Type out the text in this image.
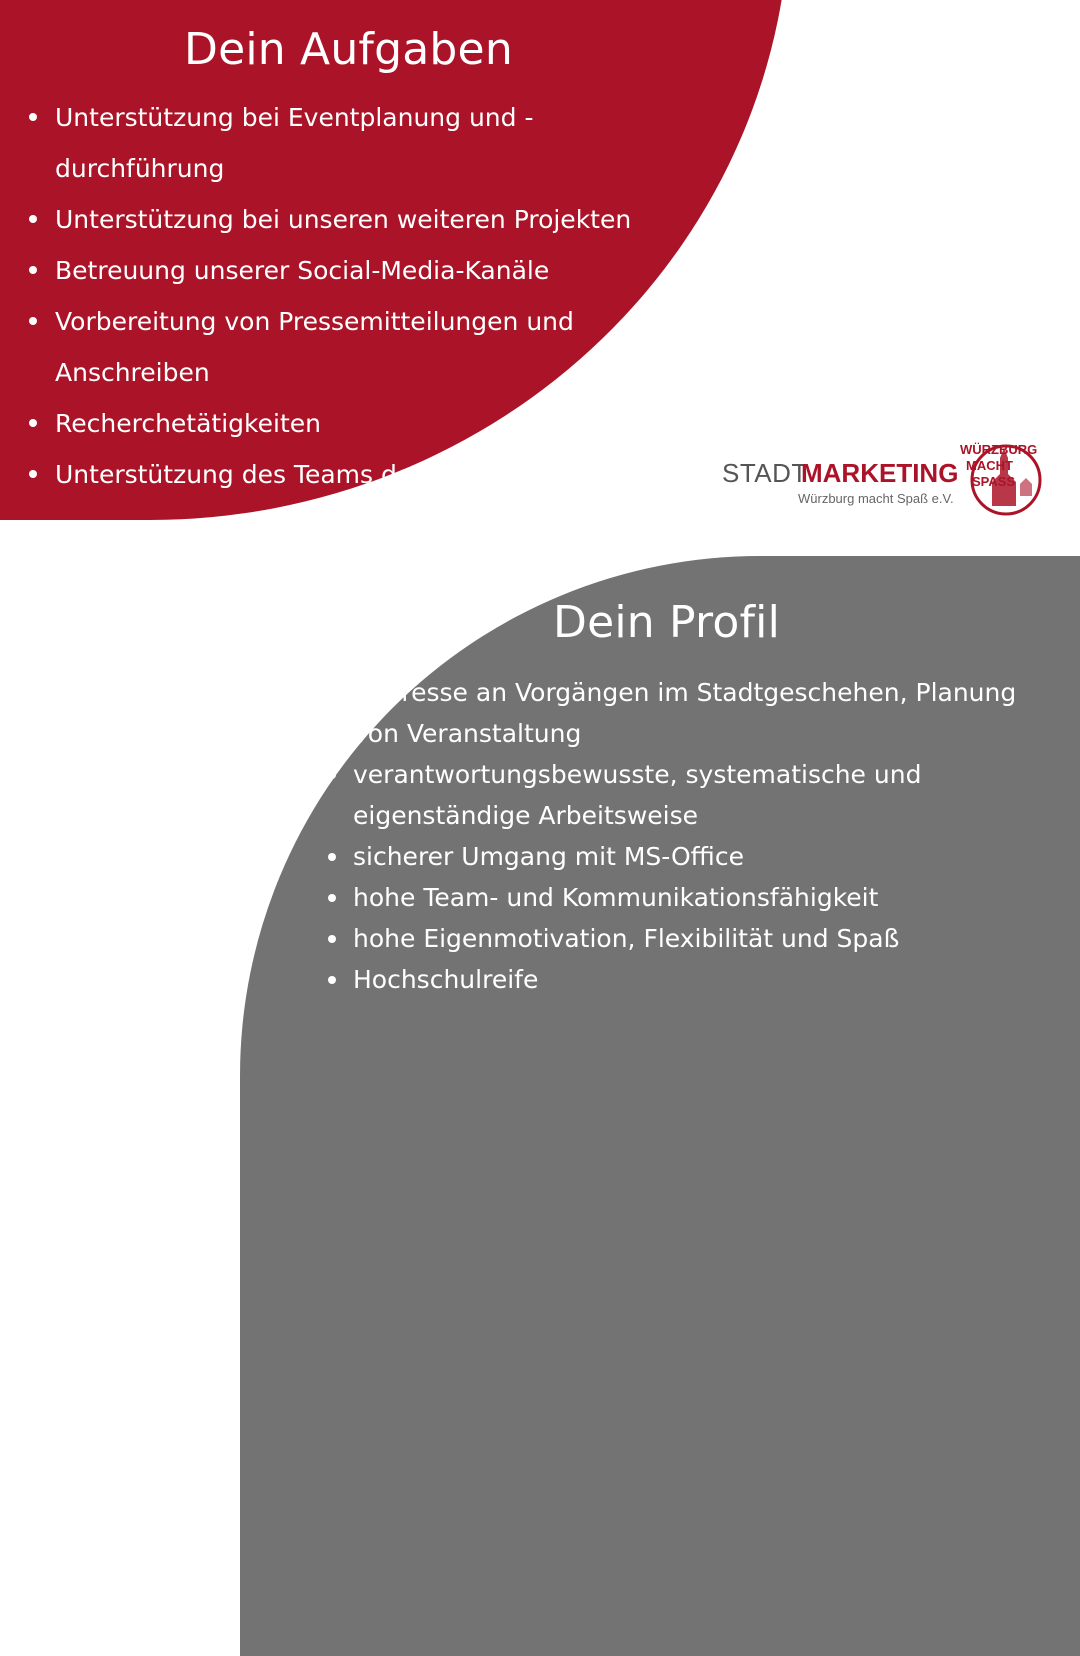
Dein Aufgaben
Unterstützung bei Eventplanung und -
durchführung
Unterstützung bei unseren weiteren Projekten
Betreuung unserer Social-Media-Kanäle
Vorbereitung von Pressemitteilungen und
Anschreiben
Recherchetätigkeiten
Unterstützung des Teams der Geschäftsstelle	STADT
MARKETING
Würzburg macht Spaß e.V.
WÜRZBURG
MACHT
SPASS
Dein Profil
Interesse an Vorgängen im Stadtgeschehen, Planung
von Veranstaltung
verantwortungsbewusste, systematische und
eigenständige Arbeitsweise
sicherer Umgang mit MS-Office
hohe Team- und Kommunikationsfähigkeit
hohe Eigenmotivation, Flexibilität und Spaß
Hochschulreife
